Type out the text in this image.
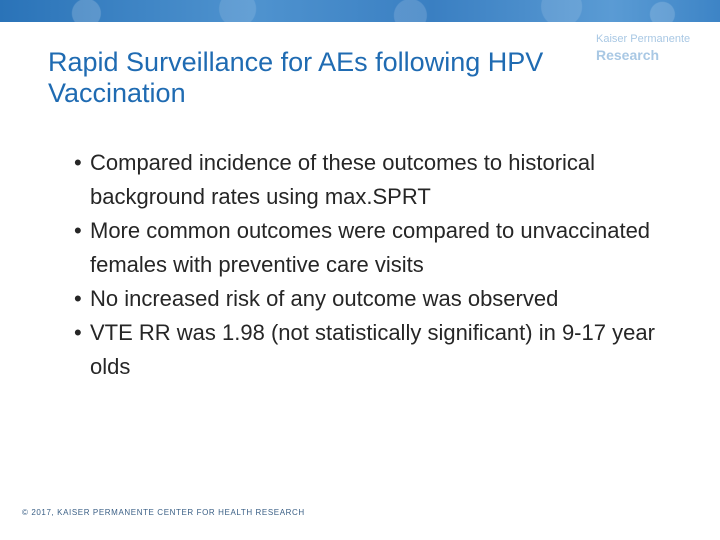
Kaiser Permanente
Research
Rapid Surveillance for AEs following HPV Vaccination
• Compared incidence of these outcomes to historical background rates using max.SPRT
• More common outcomes were compared to unvaccinated females with preventive care visits
• No increased risk of any outcome was observed
• VTE RR was 1.98 (not statistically significant) in 9-17 year olds
© 2017, KAISER PERMANENTE CENTER FOR HEALTH RESEARCH
